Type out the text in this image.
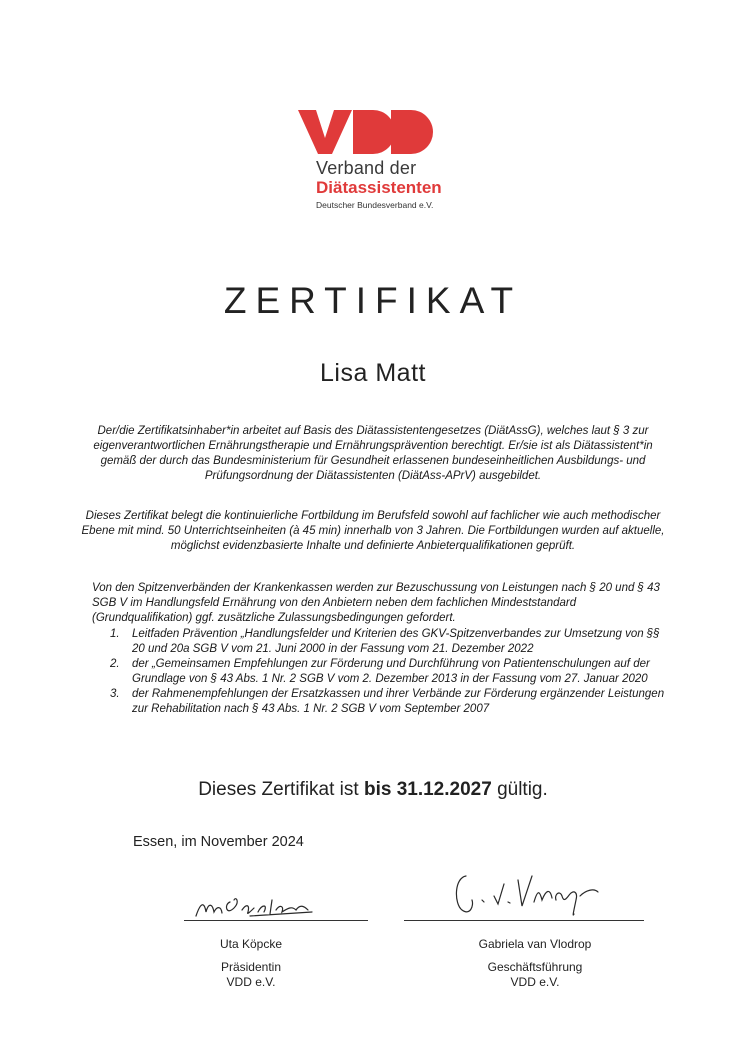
Verband der
Diätassistenten
Deutscher Bundesverband e.V.
ZERTIFIKAT
Lisa Matt
Der/die Zertifikatsinhaber*in arbeitet auf Basis des Diätassistentengesetzes (DiätAssG), welches laut § 3 zur eigenverantwortlichen Ernährungstherapie und Ernährungsprävention berechtigt. Er/sie ist als Diätassistent*in gemäß der durch das Bundesministerium für Gesundheit erlassenen bundeseinheitlichen Ausbildungs- und Prüfungsordnung der Diätassistenten (DiätAss-APrV) ausgebildet.
Dieses Zertifikat belegt die kontinuierliche Fortbildung im Berufsfeld sowohl auf fachlicher wie auch methodischer Ebene mit mind. 50 Unterrichtseinheiten (à 45 min) innerhalb von 3 Jahren. Die Fortbildungen wurden auf aktuelle, möglichst evidenzbasierte Inhalte und definierte Anbieterqualifikationen geprüft.
Von den Spitzenverbänden der Krankenkassen werden zur Bezuschussung von Leistungen nach § 20 und § 43 SGB V im Handlungsfeld Ernährung von den Anbietern neben dem fachlichen Mindeststandard (Grundqualifikation) ggf. zusätzliche Zulassungsbedingungen gefordert.
1. Leitfaden Prävention „Handlungsfelder und Kriterien des GKV-Spitzenverbandes zur Umsetzung von §§ 20 und 20a SGB V vom 21. Juni 2000 in der Fassung vom 21. Dezember 2022
2. der „Gemeinsamen Empfehlungen zur Förderung und Durchführung von Patientenschulungen auf der Grundlage von § 43 Abs. 1 Nr. 2 SGB V vom 2. Dezember 2013 in der Fassung vom 27. Januar 2020
3. der Rahmenempfehlungen der Ersatzkassen und ihrer Verbände zur Förderung ergänzender Leistungen zur Rehabilitation nach § 43 Abs. 1 Nr. 2 SGB V vom September 2007
Dieses Zertifikat ist bis 31.12.2027 gültig.
Essen, im November 2024
Uta Köpcke
Präsidentin
VDD e.V.
Gabriela van Vlodrop
Geschäftsführung
VDD e.V.
